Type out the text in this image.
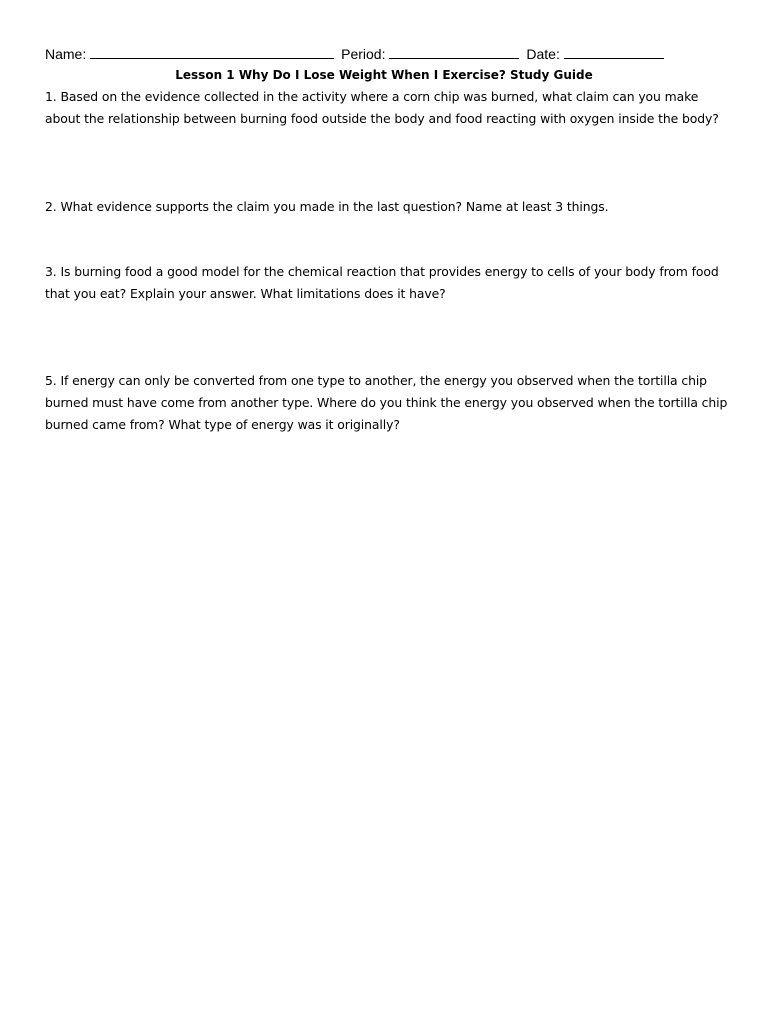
Name:	Period:	Date:
Lesson 1 Why Do I Lose Weight When I Exercise? Study Guide
1. Based on the evidence collected in the activity where a corn chip was burned, what claim can you make about the relationship between burning food outside the body and food reacting with oxygen inside the body?
2. What evidence supports the claim you made in the last question? Name at least 3 things.
3. Is burning food a good model for the chemical reaction that provides energy to cells of your body from food that you eat? Explain your answer. What limitations does it have?
5. If energy can only be converted from one type to another, the energy you observed when the tortilla chip burned must have come from another type. Where do you think the energy you observed when the tortilla chip burned came from? What type of energy was it originally?
